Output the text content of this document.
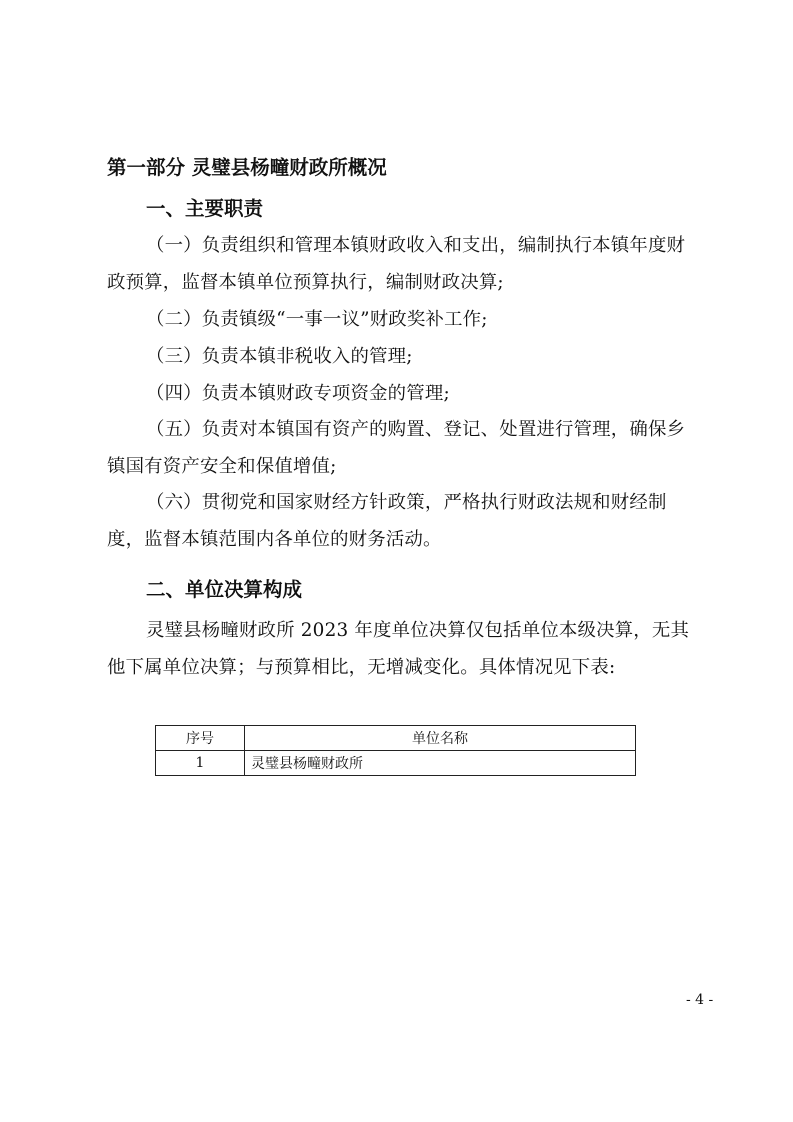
第一部分 灵璧县杨疃财政所概况
一、主要职责

（一）负责组织和管理本镇财政收入和支出，编制执行本镇年度财政预算，监督本镇单位预算执行，编制财政决算;

（二）负责镇级“一事一议”财政奖补工作;

（三）负责本镇非税收入的管理;

（四）负责本镇财政专项资金的管理;

（五）负责对本镇国有资产的购置、登记、处置进行管理，确保乡镇国有资产安全和保值增值;

（六）贯彻党和国家财经方针政策，严格执行财政法规和财经制度，监督本镇范围内各单位的财务活动。

二、单位决算构成

灵璧县杨疃财政所 2023 年度单位决算仅包括单位本级决算，无其他下属单位决算；与预算相比，无增减变化。具体情况见下表:

序号	单位名称
1	灵璧县杨疃财政所
- 4 -
